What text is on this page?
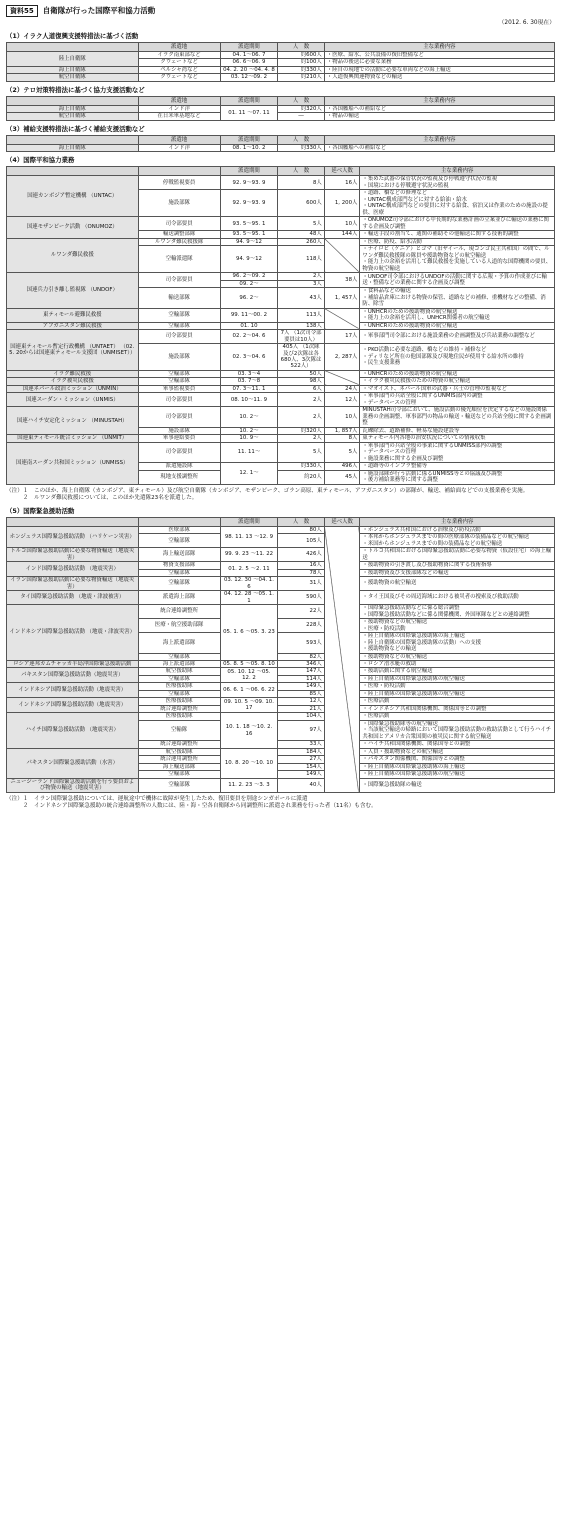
資料55	自衛隊が行った国際平和協力活動
（2012. 6. 30現在）
（1）イラク人道復興支援特措法に基づく活動
	派遣地	派遣期間	人　数	主な業務内容
陸上自衛隊	イラク南東部など	04. 1〜06. 7	約600人	・医療、給水、公共設備の復旧整備など
	クウェートなど	06. 6〜06. 9	約100人	・物品の後送に必要な業務
海上自衛隊	ペルシャ湾など	04. 2. 20 〜04. 4. 8	約330人	・陸自の現地での活動に必要な車両などの海上輸送
航空自衛隊	クウェートなど	03. 12〜09. 2	約210人	・人道復興関連物資などの輸送
（2）テロ対策特措法に基づく協力支援活動など
	派遣地	派遣期間	人　数	主な業務内容
海上自衛隊	インド洋	01. 11 〜07. 11	約320人	・各国艦船への補給など
航空自衛隊	在日米軍基地など		―	・物品の輸送
（3）補給支援特措法に基づく補給支援活動など
	派遣地	派遣期間	人　数	主な業務内容
海上自衛隊	インド洋	08. 1〜10. 2	約330人	・各国艦船への補給など
（4）国際平和協力業務
		派遣期間	人　数	延べ人数	主な業務内容
国連カンボジア暫定機構 （UNTAC）	停戦監視要員	92. 9〜93. 9	8人	16人	・集めた武器の保管状況の監視及び停戦遵守状況の監視
・国境における停戦遵守状況の監視
	施設部隊	92. 9〜93. 9	600人	1, 200人	・道路、橋などの修理など
・UNTAC構成部門などに対する給油・給水
・UNTAC構成部門などの要員に対する給食、宿泊又は作業のための施設の提供、医療
国連モザンビーク活動 （ONUMOZ）	司令部要員	93. 5〜95. 1	5人	10人	・ONUMOZ司令部における中長期的な業務計画の立案並びに輸送の業務に関する企画及び調整
	輸送調整部隊	93. 5〜95. 1	48人	144人	・輸送手段の割当て、通関の補助その他輸送に関する技術的調整
ルワンダ難民救援	ルワンダ難民救援隊	94. 9〜12	260人		・医療、防疫、給水活動
	空輸派遣隊	94. 9〜12	118人		・ナイロビ（ケニア）とゴマ（旧ザイール、現コンゴ民主共和国）の間で、ルワンダ難民救援隊の隊員や援助物資などの航空輸送
・能力上の余裕を活用して難民救援を実施している人道的な国際機関の要員、物資の航空輸送
国連兵力引き離し監視隊 （UNDOF）	司令部要員	96. 2〜09. 2	2人	38人	・UNDOF司令部におけるUNDOFの活動に関する広報・予算の作成並びに輸送・整備などの業務に関する企画及び調整
		09. 2〜	3人		
	輸送部隊	96. 2〜	43人	1, 457人	・食料品などの輸送
・補給品倉庫における物資の保管、道路などの補修、重機材などの整備、消防、除雪
東ティモール避難民救援	空輸部隊	99. 11〜00. 2	113人		・UNHCRのための援助物資の航空輸送
・能力上の余裕を活用し、UNHCR関係者の航空輸送
アフガニスタン難民救援	空輸部隊	01. 10	138人		・UNHCRのための援助物資の航空輸送
国連東ティモール暫定行政機構 （UNTAET） （02. 5. 20からは国連東ティモール支援団（UNMISET））	司令部要員	02. 2〜04. 6	7人 （1次司令部要員は10人）	17人	・軍事部門司令部における施設業務の企画調整及び兵站業務の調整など
	施設部隊	02. 3〜04. 6	405人 （1次隊及び2次隊は各680人、3次隊は522人）	2, 287人	・PKO活動に必要な道路、橋などの維持・補修など
・ディリなど所在の他国部隊及び現地住民が使用する給水所の維持
・民生支援業務
イラク難民救援	空輸部隊	03. 3〜4	50人		・UNHCRのための援助物資の航空輸送
イラク被災民救援	空輸部隊	03. 7〜8	98人		・イラク被災民救援のための物資の航空輸送
国連ネパール政治ミッション（UNMIN）	軍事監視要員	07. 3〜11. 1	6人	24人	・マオイスト、ネパール国軍の武器・兵士の管理の監視など
国連スーダン・ミッション（UNMIS）	司令部要員	08. 10〜11. 9	2人	12人	・軍事部門の兵站全般に関するUNMIS部内の調整
・データベースの管理
国連ハイチ安定化ミッション （MINUSTAH）	司令部要員	10. 2〜	2人	10人	MINUSTAH司令部において、施設活動の優先順位を決定するなどの施設関係業務の企画調整、軍事部門の物品の輸送・輸送などの兵站全般に関する企画調整
	施設部隊	10. 2〜	約320人	1, 857人	瓦礫除去、道路補修、軽易な施設建設等
国連東ティモール統合ミッション （UNMIT）	軍事連絡要員	10. 9〜	2人	8人	東ティモール内各地の治安状況についての情報収集
国連南スーダン共和国ミッション（UNMISS）	司令部要員	11. 11〜	5人	5人	・軍事部門の兵站全般の事業に関するUNMISS部内の調整
・データベースの管理
・施設業務に関する企画及び調整
	派遣施設隊	12. 1〜	約330人	496人	・道路等のインフラ整備等
	現地支援調整所		約20人	45人	・施設部隊が行う活動に係るUNMISS等との協議及び調整
・後方補給業務等に関する調整
（注）１　このほか、海上自衛隊（カンボジア、東ティモール）及び航空自衛隊（カンボジア、モザンビーク、ゴラン高原、東ティモール、アフガニスタン）の部隊が、輸送、補給面などでの支援業務を実施。
　　　２　ルワンダ難民救援については、このほか先遣隊23名を派遣した。
（5）国際緊急援助活動
		派遣期間	人　数	延べ人数	主な業務内容
ホンジュラス国際緊急援助活動 （ハリケーン災害）	医療部隊	98. 11. 13 〜12. 9	80人		・ホンジュラス共和国における治療及び防疫活動
	空輸部隊		105人		・本邦からホンジュラスまでの間の医療部隊の装備品などの航空輸送
・米国からホンジュラスまでの間の装備品などの航空輸送
トルコ国際緊急援助活動に必要な物資輸送（地震災害）	海上輸送部隊	99. 9. 23 〜11. 22	426人		・トルコ共和国における国際緊急援助活動に必要な物資（仮設住宅）の海上輸送
インド国際緊急援助活動 （地震災害）	物資支援部隊	01. 2. 5 〜2. 11	16人		・援助物資の引き渡し及び援助物資に関する技術指導
	空輸部隊		78人		・援助物資及び支援部隊などの輸送
イラン国際緊急援助活動に必要な物資輸送（地震災害）	空輸部隊	03. 12. 30 〜04. 1. 6	31人		・援助物資の航空輸送
タイ国際緊急援助活動 （地震・津波被害）	派遣海上部隊	04. 12. 28 〜05. 1. 1	590人		・タイ王国及びその周辺海域における被災者の捜索及び救助活動
インドネシア国際緊急援助活動 （地震・津波災害）	統合連絡調整所	05. 1. 6 〜05. 3. 23	22人		・国際緊急援助活動などに係る総合調整
・国際緊急援助活動などに係る関係機関、外国軍隊などとの連絡調整
	医療・航空援助部隊		228人		・援助物資などの航空輸送
・医療・防疫活動
	海上派遣部隊		593人		・陸上自衛隊の国際緊急援助隊の海上輸送
・陸上自衛隊の国際緊急援助隊の活動）への支援
・援助物資などの輸送
	空輸部隊		82人		・援助物資などの航空輸送
ロシア連邦カムチャッカ半島沖国際緊急援助活動	海上派遣部隊	05. 8. 5 〜05. 8. 10	346人		・ロシア潜水艇の救助
パキスタン国際緊急援助活動（地震災害）	航空援助隊	05. 10. 12 〜05. 12. 2	147人		・援助活動に関する航空輸送
	空輸部隊		114人		・陸上自衛隊の国際緊急援助隊の航空輸送
インドネシア国際緊急援助活動（地震災害）	医療援助隊	06. 6. 1 〜06. 6. 22	149人		・医療・防疫活動
	空輸部隊		85人		・陸上自衛隊の国際緊急援助隊の航空輸送
インドネシア国際緊急援助活動（地震災害）	医療援助隊	09. 10. 5 〜09. 10. 17	12人		・医療活動
	統合連絡調整所		21人		・インドネシア共和国関係機関、関係国等との調整
ハイチ国際緊急援助活動 （地震災害）	医療援助隊	10. 1. 18 〜10. 2. 16	104人		・医療活動
	空輸隊		97人		・国際緊急援助隊等の航空輸送
・当該航空輸送の帰路において国際緊急援助活動の救助活動として行うハイチ共和国とアメリカ合衆国間の被災民に関する航空輸送
	統合連絡調整所		33人		・ハイチ共和国関係機関、関係国等との調整
パキスタン国際緊急援助活動（水害）	航空援助隊	10. 8. 20 〜10. 10	184人		・人員・援助物資などの航空輸送
	統合運用調整所		27人		・パキスタン関係機関、関係国等との調整
	海上輸送部隊		154人		・陸上自衛隊の国際緊急援助隊の海上輸送
	空輸部隊		149人		・陸上自衛隊の国際緊急援助隊の航空輸送
ニュージーランド国際緊急援助活動を行う要員および物資の輸送（地震災害）	空輸部隊	11. 2. 23 〜3. 3	40人		・国際緊急援助隊の輸送
（注）１　イラン国際緊急援助については、運航途中で機体に故障が発生したため、復旧要員を別途シンガポールに派遣
　　　２　インドネシア国際緊急援助の統合連絡調整所の人数には、陸・海・空各自衛隊から同調整所に派遣され業務を行った者（11名）も含む。
